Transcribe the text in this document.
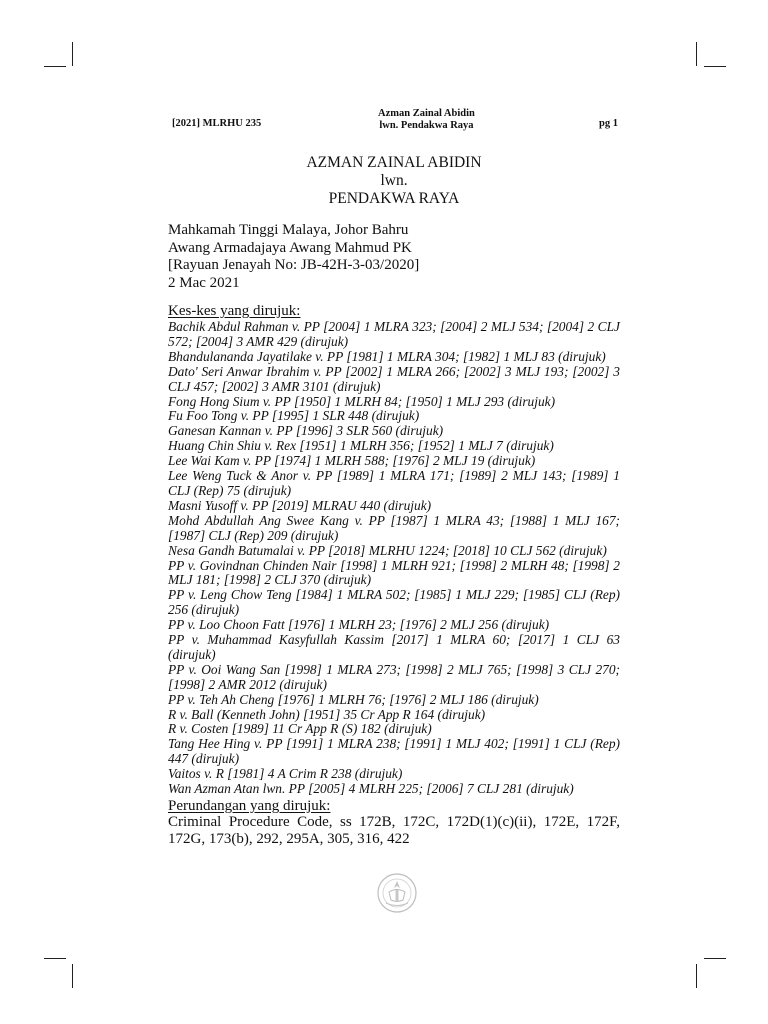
[2021] MLRHU 235
Azman Zainal Abidin
lwn. Pendakwa Raya	pg 1
AZMAN ZAINAL ABIDIN
lwn.
PENDAKWA RAYA
Mahkamah Tinggi Malaya, Johor Bahru
Awang Armadajaya Awang Mahmud PK
[Rayuan Jenayah No: JB-42H-3-03/2020]
2 Mac 2021
Kes-kes yang dirujuk:
Bachik Abdul Rahman v. PP [2004] 1 MLRA 323; [2004] 2 MLJ 534; [2004] 2 CLJ 572; [2004] 3 AMR 429 (dirujuk)
Bhandulananda Jayatilake v. PP [1981] 1 MLRA 304; [1982] 1 MLJ 83 (dirujuk)
Dato' Seri Anwar Ibrahim v. PP [2002] 1 MLRA 266; [2002] 3 MLJ 193; [2002] 3 CLJ 457; [2002] 3 AMR 3101 (dirujuk)
Fong Hong Sium v. PP [1950] 1 MLRH 84; [1950] 1 MLJ 293 (dirujuk)
Fu Foo Tong v. PP [1995] 1 SLR 448 (dirujuk)
Ganesan Kannan v. PP [1996] 3 SLR 560 (dirujuk)
Huang Chin Shiu v. Rex [1951] 1 MLRH 356; [1952] 1 MLJ 7 (dirujuk)
Lee Wai Kam v. PP [1974] 1 MLRH 588; [1976] 2 MLJ 19 (dirujuk)
Lee Weng Tuck & Anor v. PP [1989] 1 MLRA 171; [1989] 2 MLJ 143; [1989] 1 CLJ (Rep) 75 (dirujuk)
Masni Yusoff v. PP [2019] MLRAU 440 (dirujuk)
Mohd Abdullah Ang Swee Kang v. PP [1987] 1 MLRA 43; [1988] 1 MLJ 167; [1987] CLJ (Rep) 209 (dirujuk)
Nesa Gandh Batumalai v. PP [2018] MLRHU 1224; [2018] 10 CLJ 562 (dirujuk)
PP v. Govindnan Chinden Nair [1998] 1 MLRH 921; [1998] 2 MLRH 48; [1998] 2 MLJ 181; [1998] 2 CLJ 370 (dirujuk)
PP v. Leng Chow Teng [1984] 1 MLRA 502; [1985] 1 MLJ 229; [1985] CLJ (Rep) 256 (dirujuk)
PP v. Loo Choon Fatt [1976] 1 MLRH 23; [1976] 2 MLJ 256 (dirujuk)
PP v. Muhammad Kasyfullah Kassim [2017] 1 MLRA 60; [2017] 1 CLJ 63 (dirujuk)
PP v. Ooi Wang San [1998] 1 MLRA 273; [1998] 2 MLJ 765; [1998] 3 CLJ 270; [1998] 2 AMR 2012 (dirujuk)
PP v. Teh Ah Cheng [1976] 1 MLRH 76; [1976] 2 MLJ 186 (dirujuk)
R v. Ball (Kenneth John) [1951] 35 Cr App R 164 (dirujuk)
R v. Costen [1989] 11 Cr App R (S) 182 (dirujuk)
Tang Hee Hing v. PP [1991] 1 MLRA 238; [1991] 1 MLJ 402; [1991] 1 CLJ (Rep) 447 (dirujuk)
Vaitos v. R [1981] 4 A Crim R 238 (dirujuk)
Wan Azman Atan lwn. PP [2005] 4 MLRH 225; [2006] 7 CLJ 281 (dirujuk)
Perundangan yang dirujuk:
Criminal Procedure Code, ss 172B, 172C, 172D(1)(c)(ii), 172E, 172F, 172G, 173(b), 292, 295A, 305, 316, 422
